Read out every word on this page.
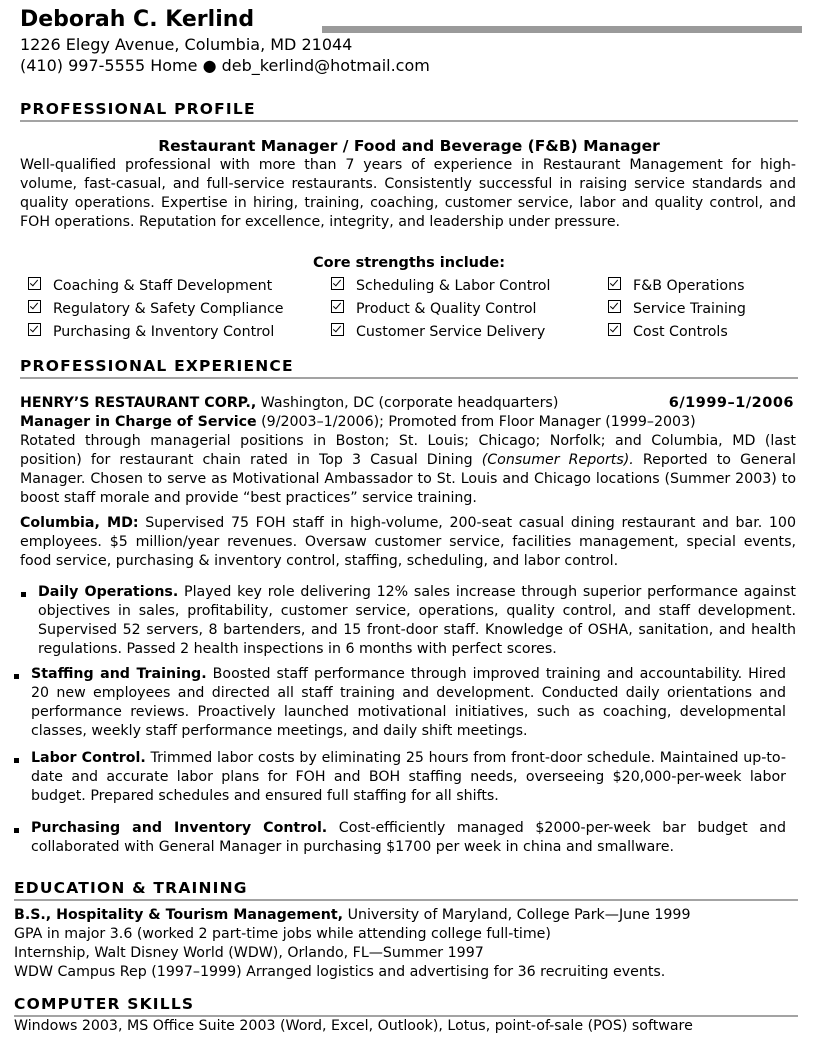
Deborah C. Kerlind
1226 Elegy Avenue, Columbia, MD 21044
(410) 997-5555 Home ● deb_kerlind@hotmail.com
PROFESSIONAL PROFILE
Restaurant Manager / Food and Beverage (F&B) Manager
Well-qualified professional with more than 7 years of experience in Restaurant Management for high-volume, fast-casual, and full-service restaurants. Consistently successful in raising service standards and quality operations. Expertise in hiring, training, coaching, customer service, labor and quality control, and FOH operations. Reputation for excellence, integrity, and leadership under pressure.
Core strengths include:
Coaching & Staff Development	Scheduling & Labor Control	F&B Operations
Regulatory & Safety Compliance	Product & Quality Control	Service Training
Purchasing & Inventory Control	Customer Service Delivery	Cost Controls
PROFESSIONAL EXPERIENCE
HENRY’S RESTAURANT CORP., Washington, DC (corporate headquarters)	6/1999–1/2006
Manager in Charge of Service (9/2003–1/2006); Promoted from Floor Manager (1999–2003)
Rotated through managerial positions in Boston; St. Louis; Chicago; Norfolk; and Columbia, MD (last position) for restaurant chain rated in Top 3 Casual Dining (Consumer Reports). Reported to General Manager. Chosen to serve as Motivational Ambassador to St. Louis and Chicago locations (Summer 2003) to boost staff morale and provide “best practices” service training.
Columbia, MD: Supervised 75 FOH staff in high-volume, 200-seat casual dining restaurant and bar. 100 employees. $5 million/year revenues. Oversaw customer service, facilities management, special events, food service, purchasing & inventory control, staffing, scheduling, and labor control.
Daily Operations. Played key role delivering 12% sales increase through superior performance against objectives in sales, profitability, customer service, operations, quality control, and staff development. Supervised 52 servers, 8 bartenders, and 15 front-door staff. Knowledge of OSHA, sanitation, and health regulations. Passed 2 health inspections in 6 months with perfect scores.
Staffing and Training. Boosted staff performance through improved training and accountability. Hired 20 new employees and directed all staff training and development. Conducted daily orientations and performance reviews. Proactively launched motivational initiatives, such as coaching, developmental classes, weekly staff performance meetings, and daily shift meetings.
Labor Control. Trimmed labor costs by eliminating 25 hours from front-door schedule. Maintained up-to-date and accurate labor plans for FOH and BOH staffing needs, overseeing $20,000-per-week labor budget. Prepared schedules and ensured full staffing for all shifts.
Purchasing and Inventory Control. Cost-efficiently managed $2000-per-week bar budget and collaborated with General Manager in purchasing $1700 per week in china and smallware.
EDUCATION & TRAINING
B.S., Hospitality & Tourism Management, University of Maryland, College Park—June 1999
GPA in major 3.6 (worked 2 part-time jobs while attending college full-time)
Internship, Walt Disney World (WDW), Orlando, FL—Summer 1997
WDW Campus Rep (1997–1999) Arranged logistics and advertising for 36 recruiting events.
COMPUTER SKILLS
Windows 2003, MS Office Suite 2003 (Word, Excel, Outlook), Lotus, point-of-sale (POS) software
